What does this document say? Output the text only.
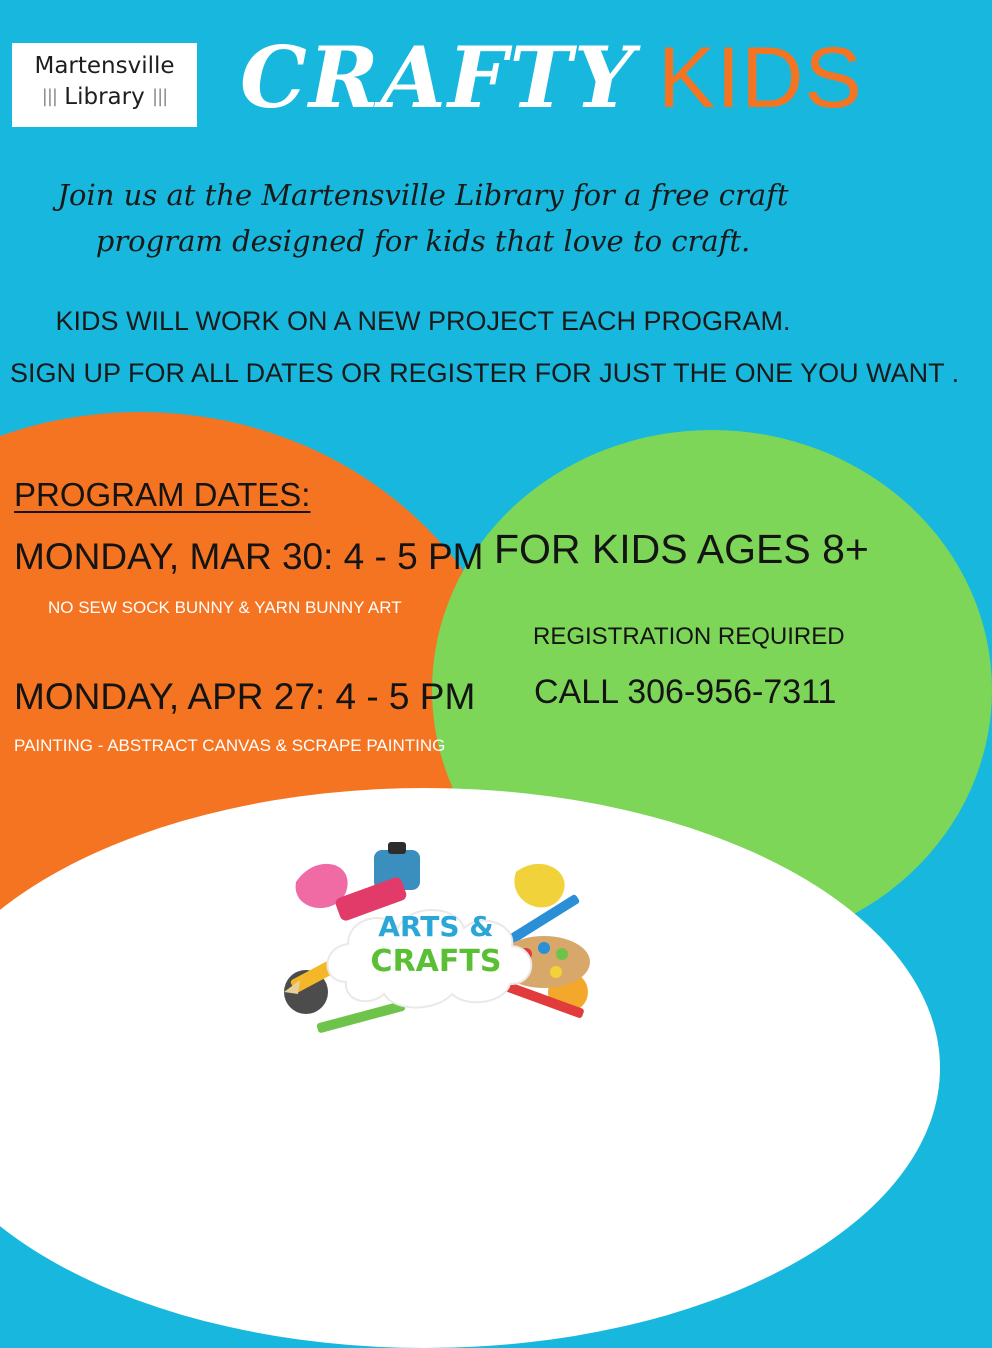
Martensville
||| Library ||| CRAFTY KIDS
Join us at the Martensville Library for a free craft
program designed for kids that love to craft.
KIDS WILL WORK ON A NEW PROJECT EACH PROGRAM.
SIGN UP FOR ALL DATES OR REGISTER FOR JUST THE ONE YOU WANT .
PROGRAM DATES:
MONDAY, MAR 30: 4 - 5 PM
NO SEW SOCK BUNNY & YARN BUNNY ART
MONDAY, APR 27: 4 - 5 PM
PAINTING - ABSTRACT CANVAS & SCRAPE PAINTING
FOR KIDS AGES 8+
REGISTRATION REQUIRED
CALL 306-956-7311
ARTS &
CRAFTS
